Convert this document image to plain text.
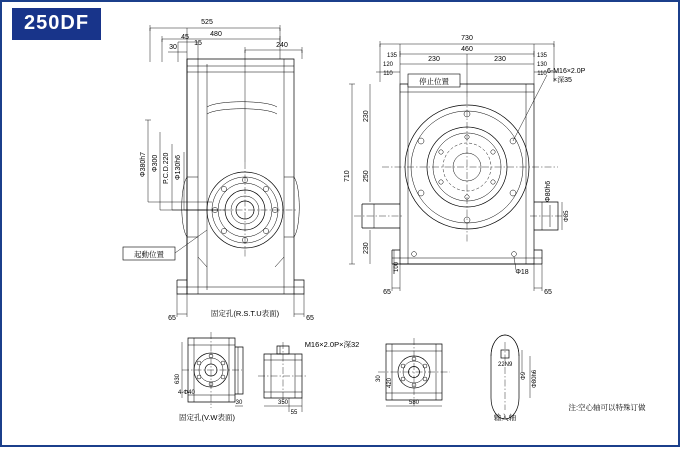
250DF	525
480
240
45
30
15
Φ380h7 Φ300 P.C.D.220 Φ130h6
65	65
起動位置
730
460
230	230
135	135
130
120
110	110
710
230
250
230
100
Φ80h6
Φ85
Φ18
65	65
停止位置
6-M16×2.0P
×深35
固定孔(R.S.T.U表面)
M16×2.0P×深32
固定孔(V.W表面)	输入轴
注:空心轴可以特殊订做
630
4-Φ40
30	350
55
30 420
580
22N9
Φ80h6
Φ9
